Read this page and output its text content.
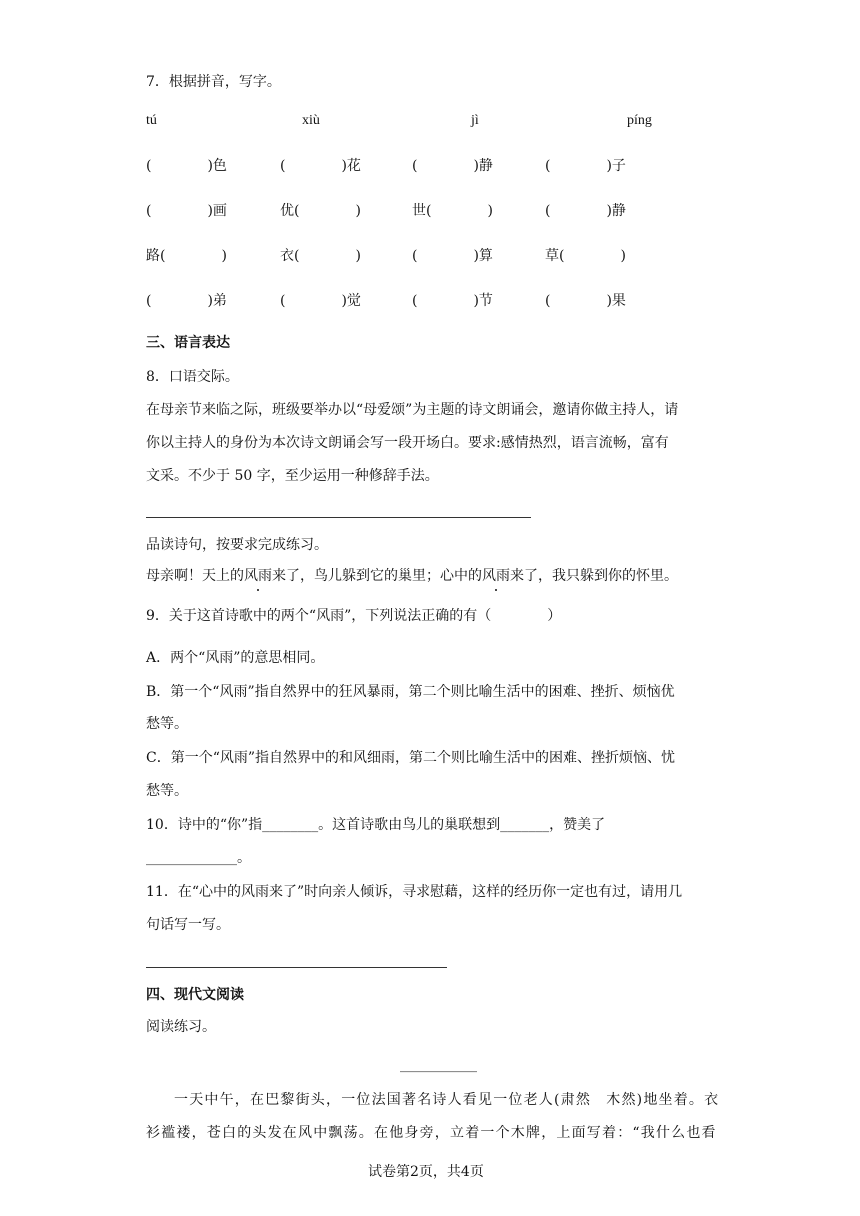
7．根据拼音，写字。
tú	xiù	jì	píng
(　　　　)色	(　　　　)花	(　　　　)静	(　　　　)子
(　　　　)画	优(　　　　)	世(　　　　)	(　　　　)静
路(　　　　)	衣(　　　　)	(　　　　)算	草(　　　　)
(　　　　)弟	(　　　　)觉	(　　　　)节	(　　　　)果
三、语言表达
8．口语交际。
在母亲节来临之际，班级要举办以“母爱颂”为主题的诗文朗诵会，邀请你做主持人，请
你以主持人的身份为本次诗文朗诵会写一段开场白。要求:感情热烈，语言流畅，富有
文采。不少于 50 字，至少运用一种修辞手法。
品读诗句，按要求完成练习。
母亲啊！天上的风雨来了，鸟儿躲到它的巢里；心中的风雨来了，我只躲到你的怀里。
9．关于这首诗歌中的两个“风雨”，下列说法正确的有（　　　　）
A．两个“风雨”的意思相同。
B．第一个“风雨”指自然界中的狂风暴雨，第二个则比喻生活中的困难、挫折、烦恼优
愁等。
C．第一个“风雨”指自然界中的和风细雨，第二个则比喻生活中的困难、挫折烦恼、忧
愁等。
10．诗中的“你”指________。这首诗歌由鸟儿的巢联想到_______，赞美了
_____________。
11．在“心中的风雨来了”时向亲人倾诉，寻求慰藉，这样的经历你一定也有过，请用几
句话写一写。
四、现代文阅读
阅读练习。
___________
一天中午，在巴黎街头，一位法国著名诗人看见一位老人(肃然　木然)地坐着。衣
衫褴褛，苍白的头发在风中飘荡。在他身旁，立着一个木牌，上面写着：“我什么也看
试卷第2页，共4页
